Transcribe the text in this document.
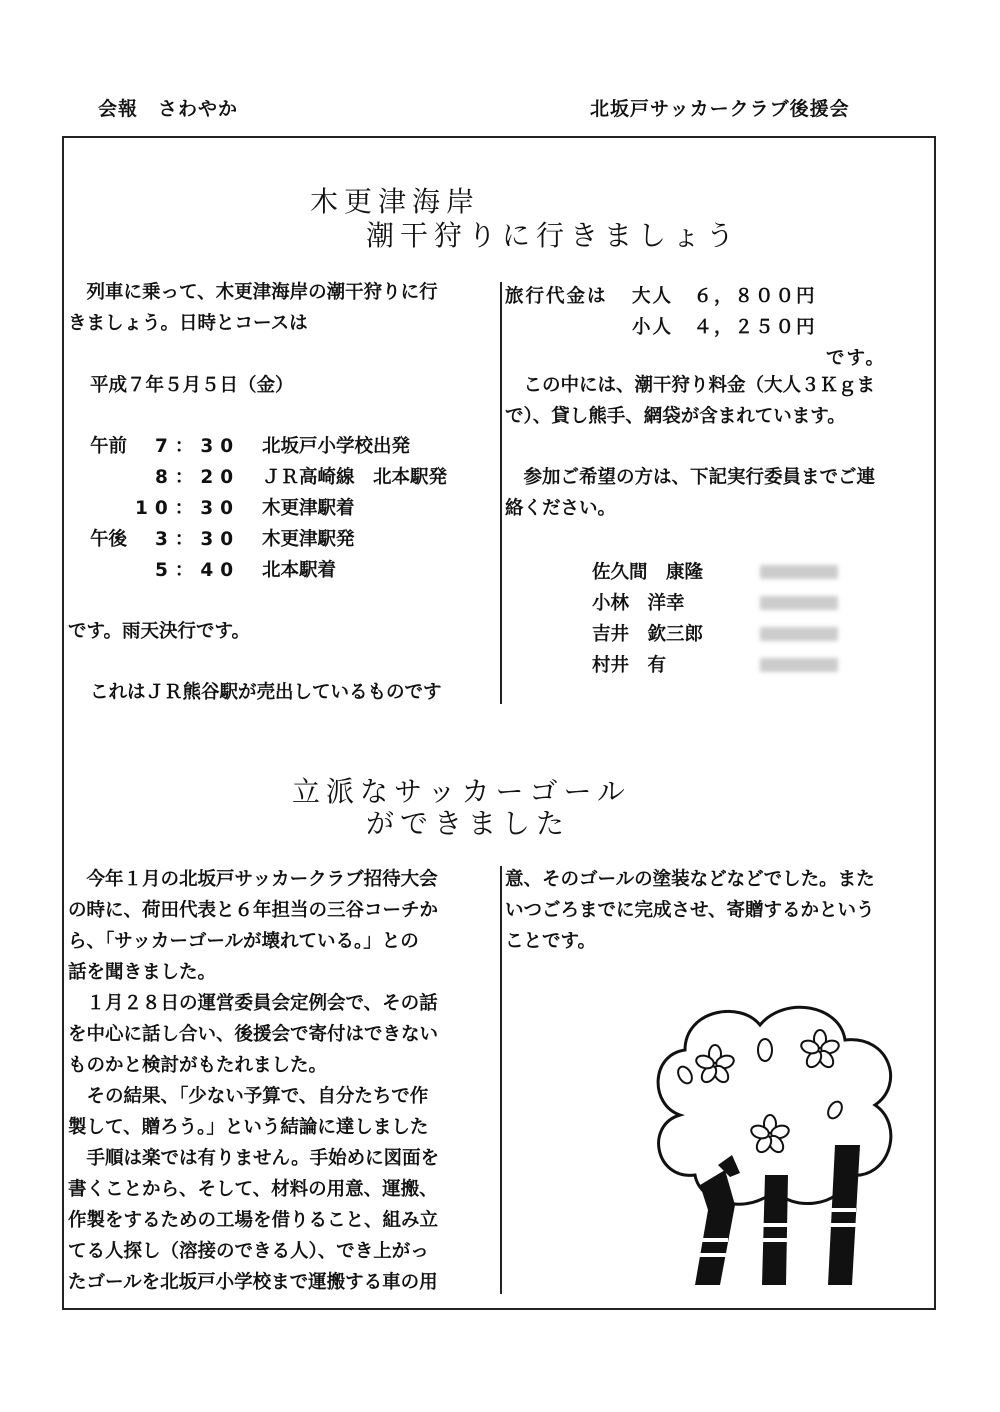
会報　さわやか	北坂戸サッカークラブ後援会
木更津海岸
潮干狩りに行きましょう

　列車に乗って、木更津海岸の潮干狩りに行

きましょう。日時とコースは

平成７年５月５日（金）
午前 7：30 北坂戸小学校出発
8：20 ＪＲ高崎線　北本駅発
10：30 木更津駅着
午後 3：30 木更津駅発
5：40 北本駅着
です。雨天決行です。
これはＪＲ熊谷駅が売出しているものです
旅行代金は 大人　６，８００円
小人　４，２５０円
です。

　この中には、潮干狩り料金（大人３Ｋｇま

で）、貸し熊手、網袋が含まれています。

　参加ご希望の方は、下記実行委員までご連

絡ください。

佐久間　康隆
小林　洋幸
吉井　欽三郎
村井　有
立派なサッカーゴール
ができました

　今年１月の北坂戸サッカークラブ招待大会

の時に、荷田代表と６年担当の三谷コーチか

ら、「サッカーゴールが壊れている。」との

話を聞きました。

　１月２８日の運営委員会定例会で、その話

を中心に話し合い、後援会で寄付はできない

ものかと検討がもたれました。

　その結果、「少ない予算で、自分たちで作

製して、贈ろう。」という結論に達しました

　手順は楽では有りません。手始めに図面を

書くことから、そして、材料の用意、運搬、

作製をするための工場を借りること、組み立

てる人探し（溶接のできる人）、でき上がっ

たゴールを北坂戸小学校まで運搬する車の用

意、そのゴールの塗装などなどでした。また

いつごろまでに完成させ、寄贈するかという

ことです。
